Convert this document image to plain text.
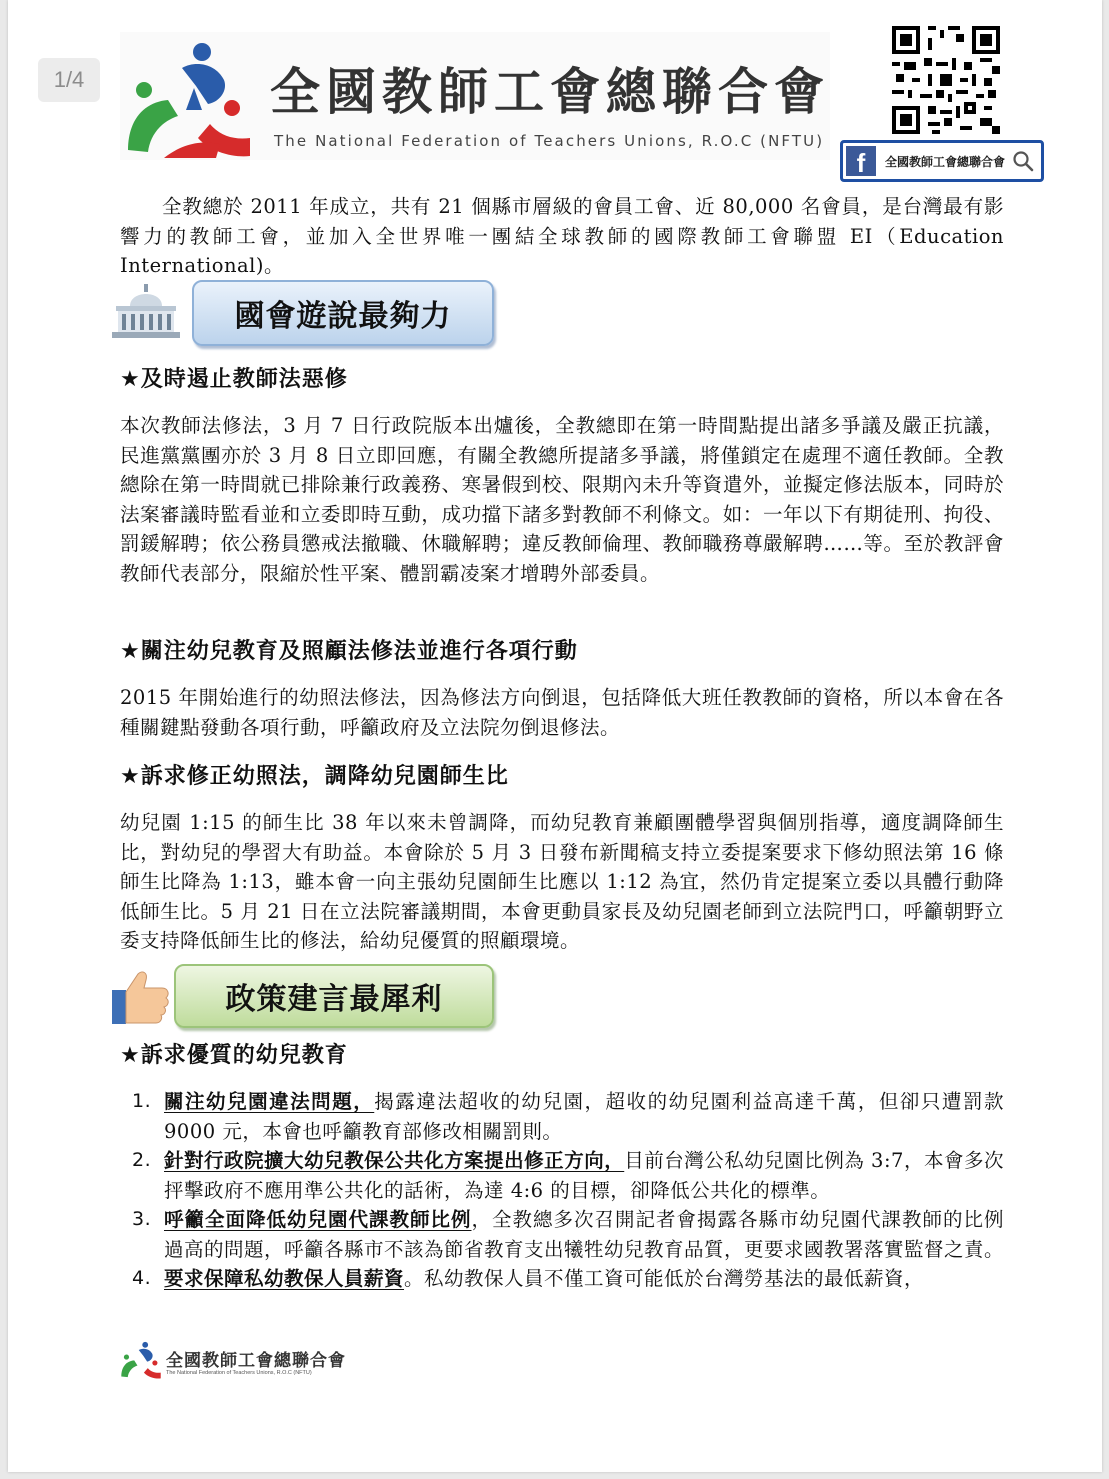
1/4	全國教師工會總聯合會
The National Federation of Teachers Unions, R.O.C (NFTU)
f	全國教師工會總聯合會
全教總於 2011 年成立，共有 21 個縣市層級的會員工會、近 80,000 名會員，是台灣最有影響力的教師工會，並加入全世界唯一團結全球教師的國際教師工會聯盟 EI（Education International)。
國會遊說最夠力
★及時遏止教師法惡修
本次教師法修法，3 月 7 日行政院版本出爐後，全教總即在第一時間點提出諸多爭議及嚴正抗議，民進黨黨團亦於 3 月 8 日立即回應，有關全教總所提諸多爭議，將僅鎖定在處理不適任教師。全教總除在第一時間就已排除兼行政義務、寒暑假到校、限期內未升等資遣外，並擬定修法版本，同時於法案審議時監看並和立委即時互動，成功擋下諸多對教師不利條文。如：一年以下有期徒刑、拘役、罰鍰解聘；依公務員懲戒法撤職、休職解聘；違反教師倫理、教師職務尊嚴解聘……等。至於教評會教師代表部分，限縮於性平案、體罰霸凌案才增聘外部委員。
★關注幼兒教育及照顧法修法並進行各項行動
2015 年開始進行的幼照法修法，因為修法方向倒退，包括降低大班任教教師的資格，所以本會在各種關鍵點發動各項行動，呼籲政府及立法院勿倒退修法。
★訴求修正幼照法，調降幼兒園師生比
幼兒園 1:15 的師生比 38 年以來未曾調降，而幼兒教育兼顧團體學習與個別指導，適度調降師生比，對幼兒的學習大有助益。本會除於 5 月 3 日發布新聞稿支持立委提案要求下修幼照法第 16 條師生比降為 1:13，雖本會一向主張幼兒園師生比應以 1:12 為宜，然仍肯定提案立委以具體行動降低師生比。5 月 21 日在立法院審議期間，本會更動員家長及幼兒園老師到立法院門口，呼籲朝野立委支持降低師生比的修法，給幼兒優質的照顧環境。
政策建言最犀利
★訴求優質的幼兒教育
1. 關注幼兒園違法問題，揭露違法超收的幼兒園，超收的幼兒園利益高達千萬，但卻只遭罰款 9000 元，本會也呼籲教育部修改相關罰則。
2. 針對行政院擴大幼兒教保公共化方案提出修正方向，目前台灣公私幼兒園比例為 3:7，本會多次抨擊政府不應用準公共化的話術，為達 4:6 的目標，卻降低公共化的標準。
3. 呼籲全面降低幼兒園代課教師比例，全教總多次召開記者會揭露各縣市幼兒園代課教師的比例過高的問題，呼籲各縣市不該為節省教育支出犧牲幼兒教育品質，更要求國教署落實監督之責。
4. 要求保障私幼教保人員薪資。私幼教保人員不僅工資可能低於台灣勞基法的最低薪資，
全國教師工會總聯合會
The National Federation of Teachers Unions, R.O.C (NFTU)
